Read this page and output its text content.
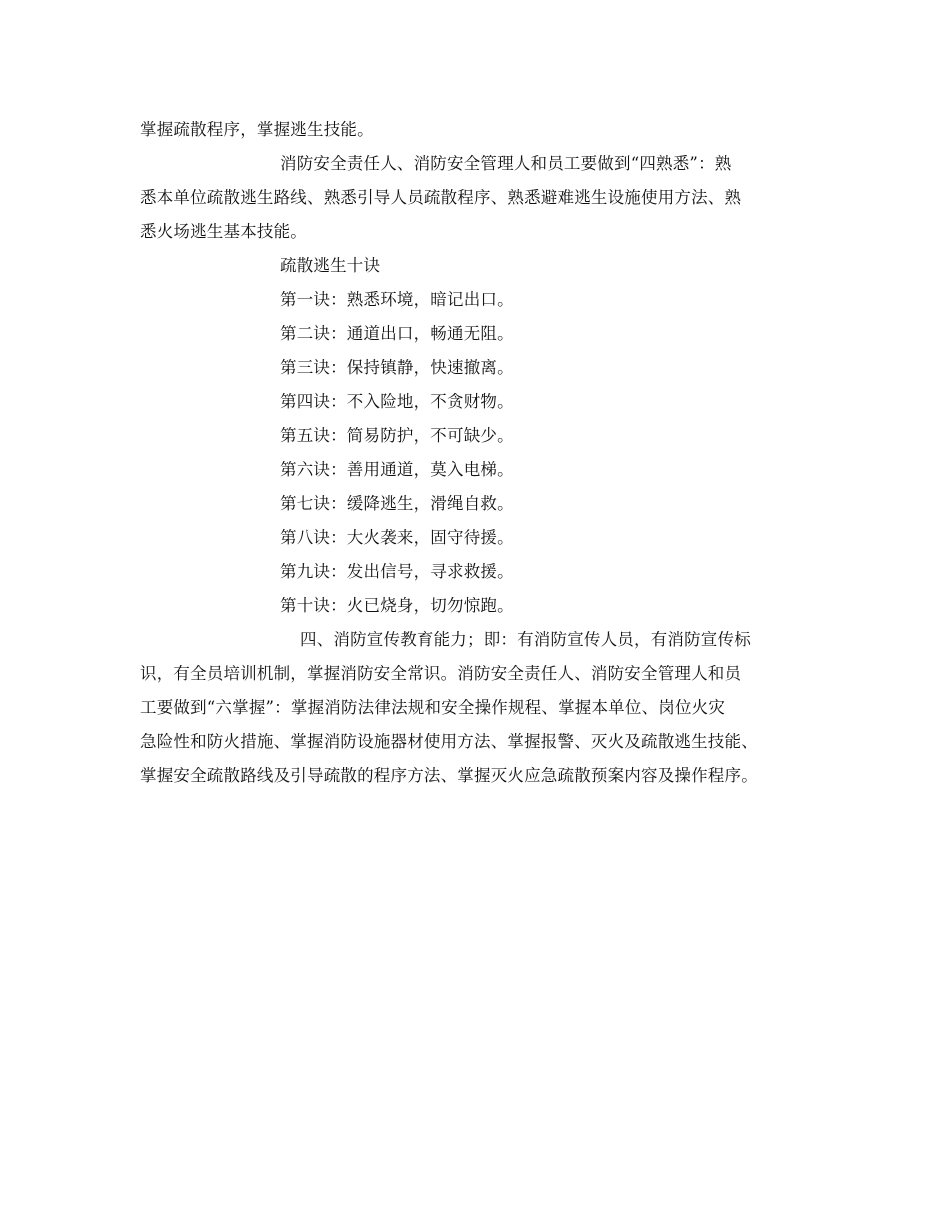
掌握疏散程序，掌握逃生技能。
消防安全责任人、消防安全管理人和员工要做到“四熟悉”：熟
悉本单位疏散逃生路线、熟悉引导人员疏散程序、熟悉避难逃生设施使用方法、熟
悉火场逃生基本技能。
疏散逃生十诀
第一诀：熟悉环境，暗记出口。
第二诀：通道出口，畅通无阻。
第三诀：保持镇静，快速撤离。
第四诀：不入险地，不贪财物。
第五诀：简易防护，不可缺少。
第六诀：善用通道，莫入电梯。
第七诀：缓降逃生，滑绳自救。
第八诀：大火袭来，固守待援。
第九诀：发出信号，寻求救援。
第十诀：火已烧身，切勿惊跑。
四、消防宣传教育能力；即：有消防宣传人员，有消防宣传标
识，有全员培训机制，掌握消防安全常识。消防安全责任人、消防安全管理人和员
工要做到“六掌握”：掌握消防法律法规和安全操作规程、掌握本单位、岗位火灾
急险性和防火措施、掌握消防设施器材使用方法、掌握报警、灭火及疏散逃生技能、
掌握安全疏散路线及引导疏散的程序方法、掌握灭火应急疏散预案内容及操作程序。
